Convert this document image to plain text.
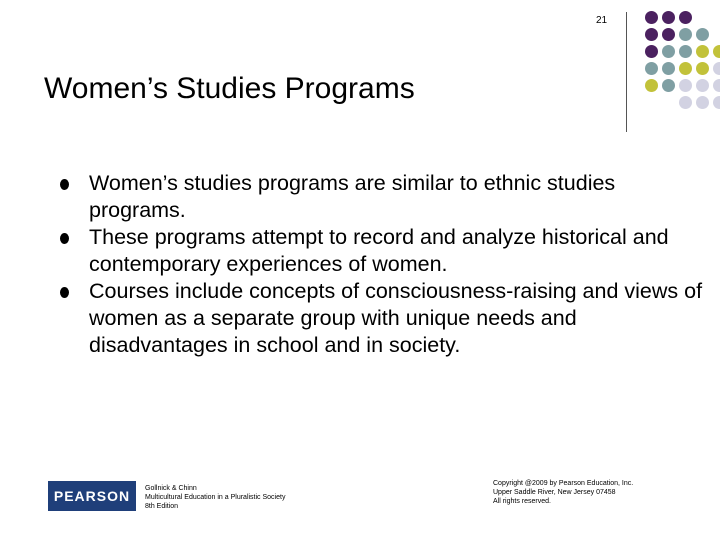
21
Women’s Studies Programs
Women’s studies programs are similar to ethnic studies programs.
These programs attempt to record and analyze historical and contemporary experiences of women.
Courses include concepts of consciousness-raising and views of women as a separate group with unique needs and disadvantages in school and in society.
PEARSON Gollnick & Chinn
Multicultural Education in a Pluralistic Society
8th Edition
Copyright @2009 by Pearson Education, Inc.
Upper Saddle River, New Jersey 07458
All rights reserved.
